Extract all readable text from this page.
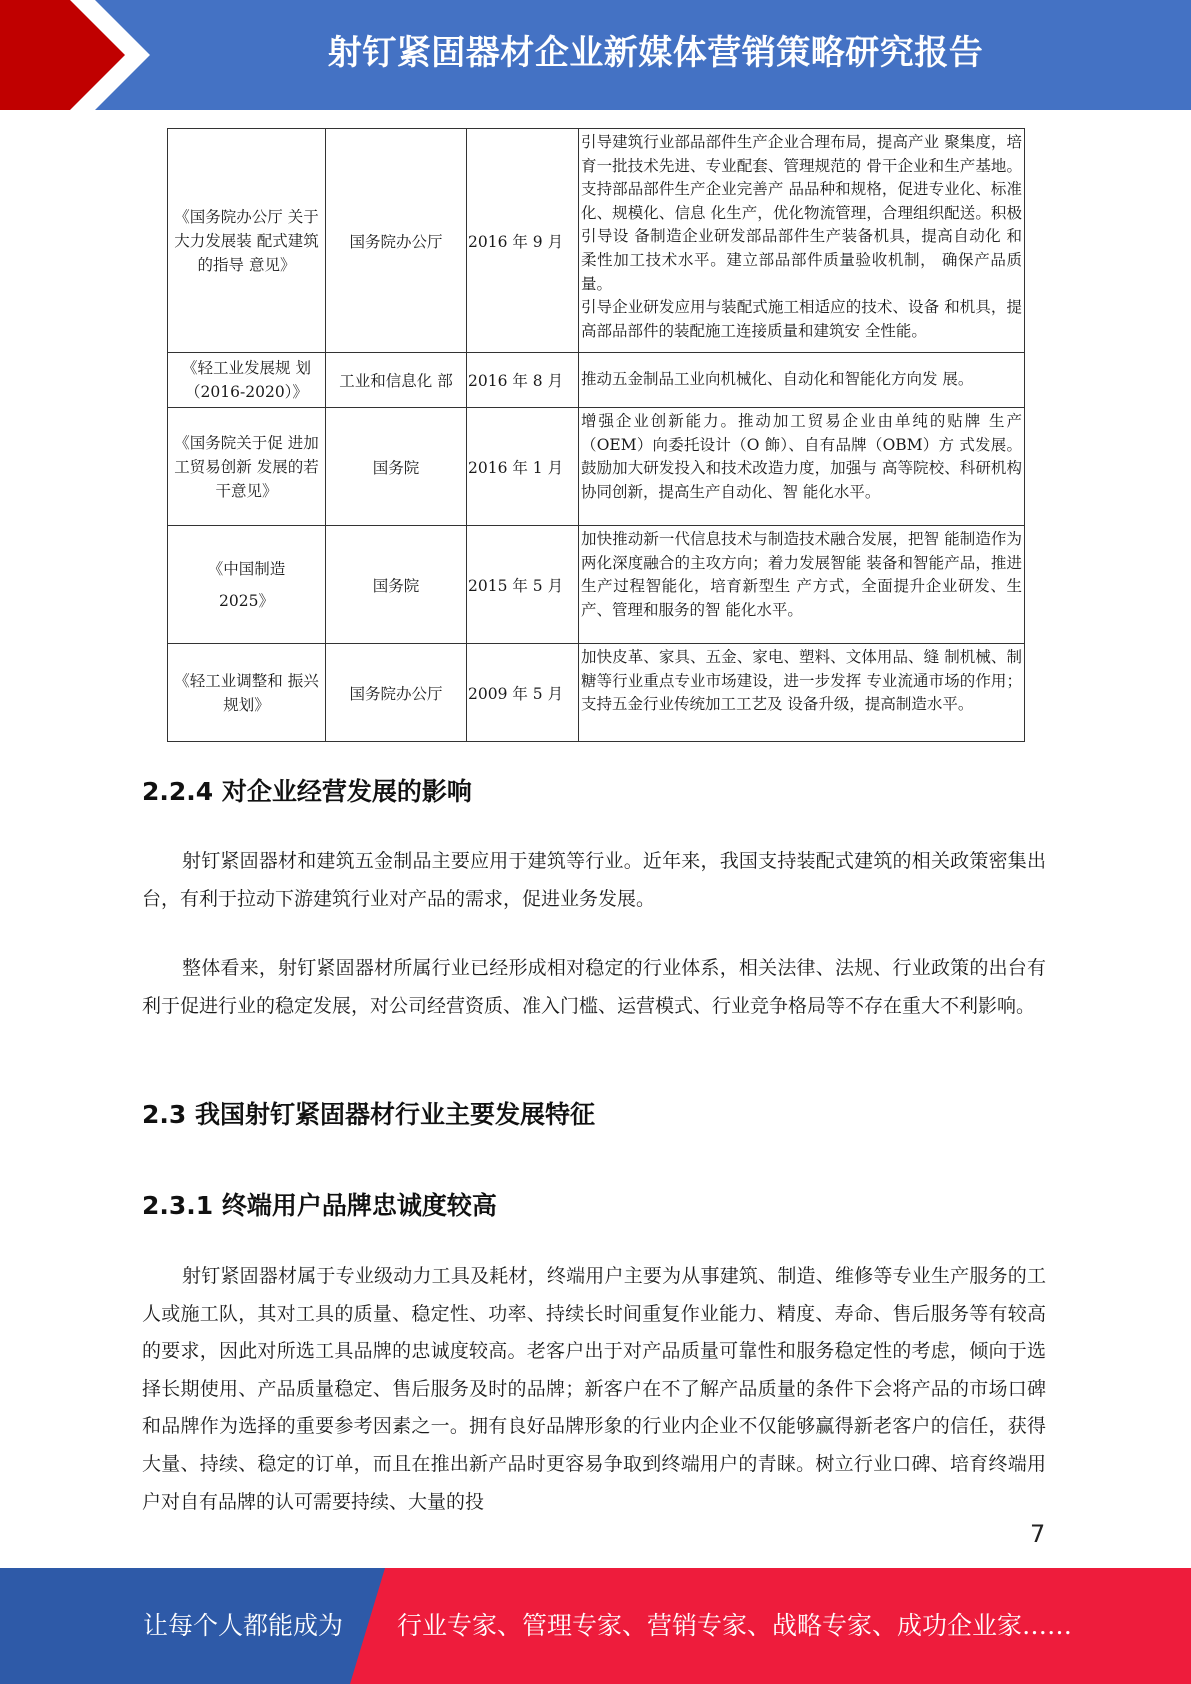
射钉紧固器材企业新媒体营销策略研究报告
《国务院办公厅 关于大力发展装 配式建筑的指导 意见》	国务院办公厅	2016 年 9 月	引导建筑行业部品部件生产企业合理布局，提高产业 聚集度，培育一批技术先进、专业配套、管理规范的 骨干企业和生产基地。支持部品部件生产企业完善产 品品种和规格，促进专业化、标准化、规模化、信息 化生产，优化物流管理，合理组织配送。积极引导设 备制造企业研发部品部件生产装备机具，提高自动化 和柔性加工技术水平。建立部品部件质量验收机制， 确保产品质量。
引导企业研发应用与装配式施工相适应的技术、设备 和机具，提高部品部件的装配施工连接质量和建筑安 全性能。

《轻工业发展规 划（2016-2020）》	工业和信息化 部	2016 年 8 月	推动五金制品工业向机械化、自动化和智能化方向发 展。

《国务院关于促 进加工贸易创新 发展的若干意见》	国务院	2016 年 1 月	增强企业创新能力。推动加工贸易企业由单纯的贴牌 生产（OEM）向委托设计（O 飾）、自有品牌（OBM）方 式发展。鼓励加大研发投入和技术改造力度，加强与 高等院校、科研机构协同创新，提高生产自动化、智 能化水平。

《中国制造
2025》	国务院	2015 年 5 月	加快推动新一代信息技术与制造技术融合发展，把智 能制造作为两化深度融合的主攻方向；着力发展智能 装备和智能产品，推进生产过程智能化，培育新型生 产方式，全面提升企业研发、生产、管理和服务的智 能化水平。

《轻工业调整和 振兴规划》	国务院办公厅	2009 年 5 月	加快皮革、家具、五金、家电、塑料、文体用品、缝 制机械、制糖等行业重点专业市场建设，进一步发挥 专业流通市场的作用；支持五金行业传统加工工艺及 设备升级，提高制造水平。
2.2.4 对企业经营发展的影响
射钉紧固器材和建筑五金制品主要应用于建筑等行业。近年来，我国支持装配式建筑的相关政策密集出台，有利于拉动下游建筑行业对产品的需求，促进业务发展。
整体看来，射钉紧固器材所属行业已经形成相对稳定的行业体系，相关法律、法规、行业政策的出台有利于促进行业的稳定发展，对公司经营资质、准入门槛、运营模式、行业竞争格局等不存在重大不利影响。
2.3 我国射钉紧固器材行业主要发展特征
2.3.1 终端用户品牌忠诚度较高
射钉紧固器材属于专业级动力工具及耗材，终端用户主要为从事建筑、制造、维修等专业生产服务的工人或施工队，其对工具的质量、稳定性、功率、持续长时间重复作业能力、精度、寿命、售后服务等有较高的要求，因此对所选工具品牌的忠诚度较高。老客户出于对产品质量可靠性和服务稳定性的考虑，倾向于选择长期使用、产品质量稳定、售后服务及时的品牌；新客户在不了解产品质量的条件下会将产品的市场口碑和品牌作为选择的重要参考因素之一。拥有良好品牌形象的行业内企业不仅能够赢得新老客户的信任，获得大量、持续、稳定的订单，而且在推出新产品时更容易争取到终端用户的青睐。树立行业口碑、培育终端用户对自有品牌的认可需要持续、大量的投
7
让每个人都能成为 行业专家、管理专家、营销专家、战略专家、成功企业家……
